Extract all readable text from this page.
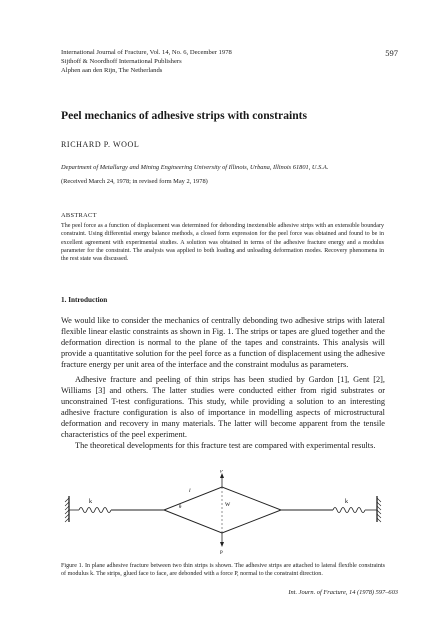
International Journal of Fracture, Vol. 14, No. 6, December 1978
Sijthoff & Noordhoff International Publishers
Alphen aan den Rijn, The Netherlands
597
Peel mechanics of adhesive strips with constraints
RICHARD P. WOOL
Department of Metallurgy and Mining Engineering University of Illinois, Urbana, Illinois 61801, U.S.A.
(Received March 24, 1978; in revised form May 2, 1978)
ABSTRACT
The peel force as a function of displacement was determined for debonding inextensible adhesive strips with an extensible boundary constraint. Using differential energy balance methods, a closed form expression for the peel force was obtained and found to be in excellent agreement with experimental studies. A solution was obtained in terms of the adhesive fracture energy and a modulus parameter for the constraint. The analysis was applied to both loading and unloading deformation modes. Recovery phenomena in the rest state was discussed.
1. Introduction
We would like to consider the mechanics of centrally debonding two adhesive strips with lateral flexible linear elastic constraints as shown in Fig. 1. The strips or tapes are glued together and the deformation direction is normal to the plane of the tapes and constraints. This analysis will provide a quantitative solution for the peel force as a function of displacement using the adhesive fracture energy per unit area of the interface and the constraint modulus as parameters.
Adhesive fracture and peeling of thin strips has been studied by Gardon [1], Gent [2], Williams [3] and others. The latter studies were conducted either from rigid substrates or unconstrained T-test configurations. This study, while providing a solution to an interesting adhesive fracture configuration is also of importance in modelling aspects of microstructural deformation and recovery in many materials. The latter will become apparent from the tensile characteristics of the peel experiment.
The theoretical developments for this fracture test are compared with experimental results.
k	W
l
θ
P
P
k
Figure 1. In plane adhesive fracture between two thin strips is shown. The adhesive strips are attached to lateral flexible constraints of modulus k. The strips, glued face to face, are debonded with a force P, normal to the constraint direction.
Int. Journ. of Fracture, 14 (1978) 597–603
